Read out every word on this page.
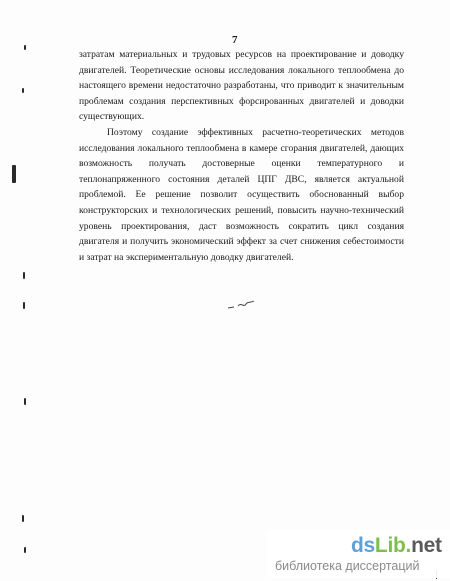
7

затратам материальных и трудовых ресурсов на проектирование и доводку двигателей. Теоретические основы исследования локального теплообмена до настоящего времени недостаточно разработаны, что приводит к значительным проблемам создания перспективных форсированных двигателей и доводки существующих.

Поэтому создание эффективных расчетно-теоретических методов исследования локального теплообмена в камере сгорания двигателей, дающих возможность получать достоверные оценки температурного и теплонапряженного состояния деталей ЦПГ ДВС, является актуальной проблемой. Ее решение позволит осуществить обоснованный выбор конструкторских и технологических решений, повысить научно-технический уровень проектирования, даст возможность сократить цикл создания двигателя и получить экономический эффект за счет снижения себестоимости и затрат на экспериментальную доводку двигателей.

dsLib.net
библиотека диссертаций
